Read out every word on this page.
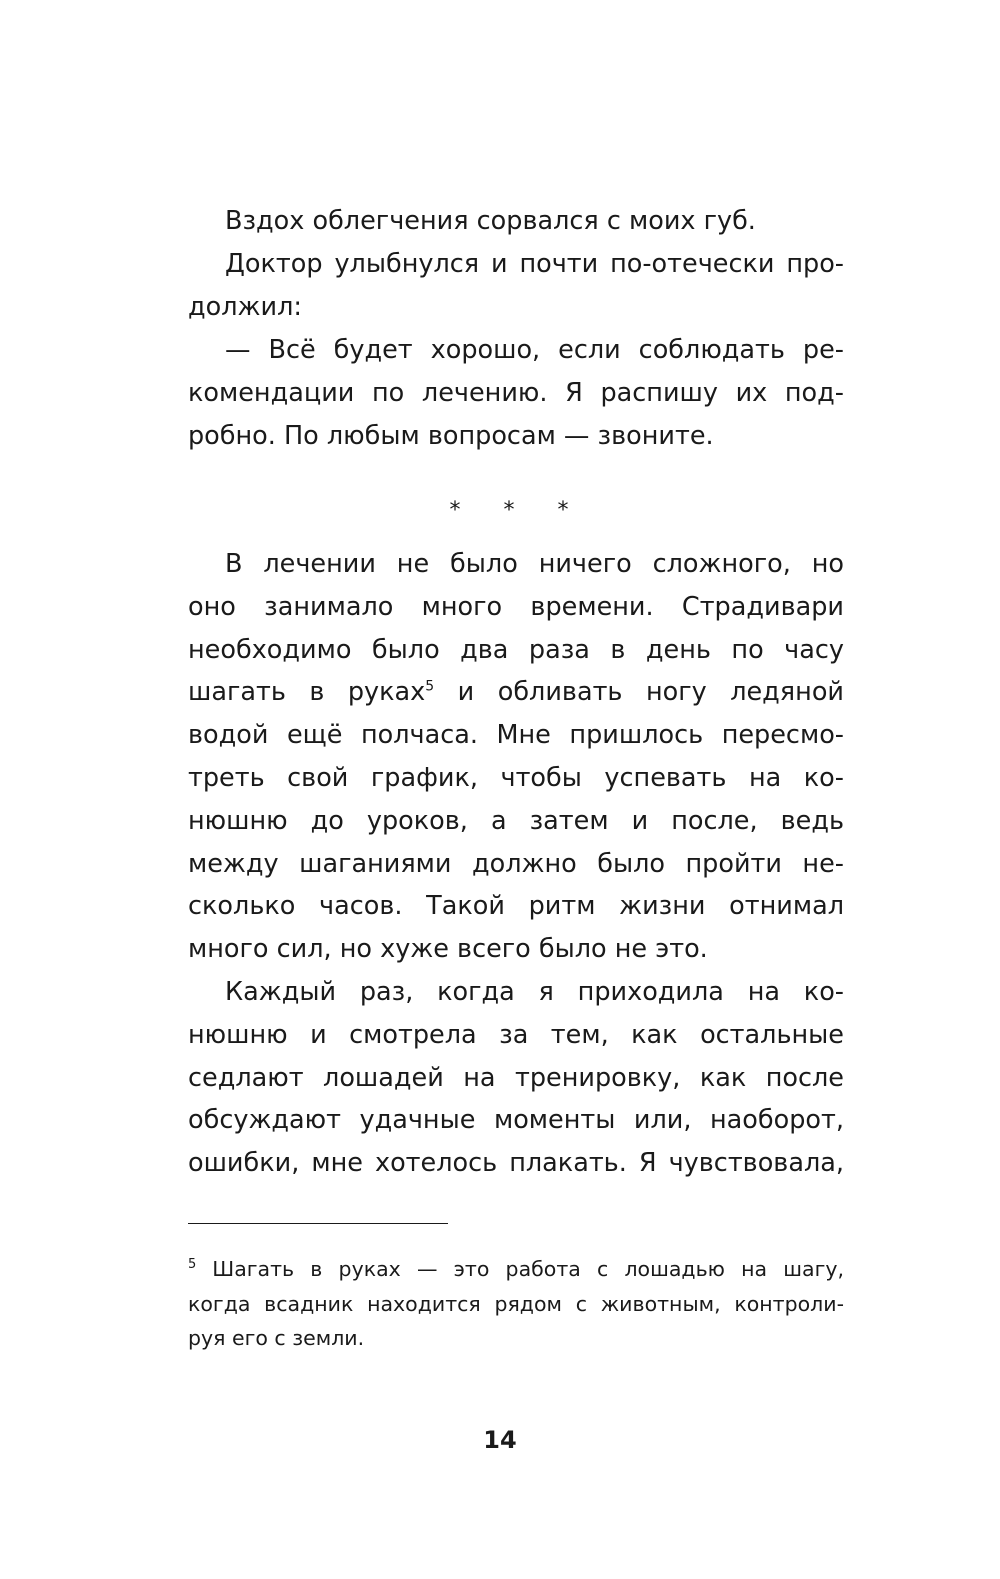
Вздох облегчения сорвался с моих губ.
Доктор улыбнулся и почти по-отечески про-
должил:
— Всё будет хорошо, если соблюдать ре-
комендации по лечению. Я распишу их под-
робно. По любым вопросам — звоните.
* * *
В лечении не было ничего сложного, но
оно занимало много времени. Страдивари
необходимо было два раза в день по часу
шагать в руках$^5$ и обливать ногу ледяной
водой ещё полчаса. Мне пришлось пересмо-
треть свой график, чтобы успевать на ко-
нюшню до уроков, а затем и после, ведь
между шаганиями должно было пройти не-
сколько часов. Такой ритм жизни отнимал
много сил, но хуже всего было не это.
Каждый раз, когда я приходила на ко-
нюшню и смотрела за тем, как остальные
седлают лошадей на тренировку, как после
обсуждают удачные моменты или, наоборот,
ошибки, мне хотелось плакать. Я чувствовала,
$^5$ Шагать в руках — это работа с лошадью на шагу,
когда всадник находится рядом с животным, контроли-
руя его с земли.
14
